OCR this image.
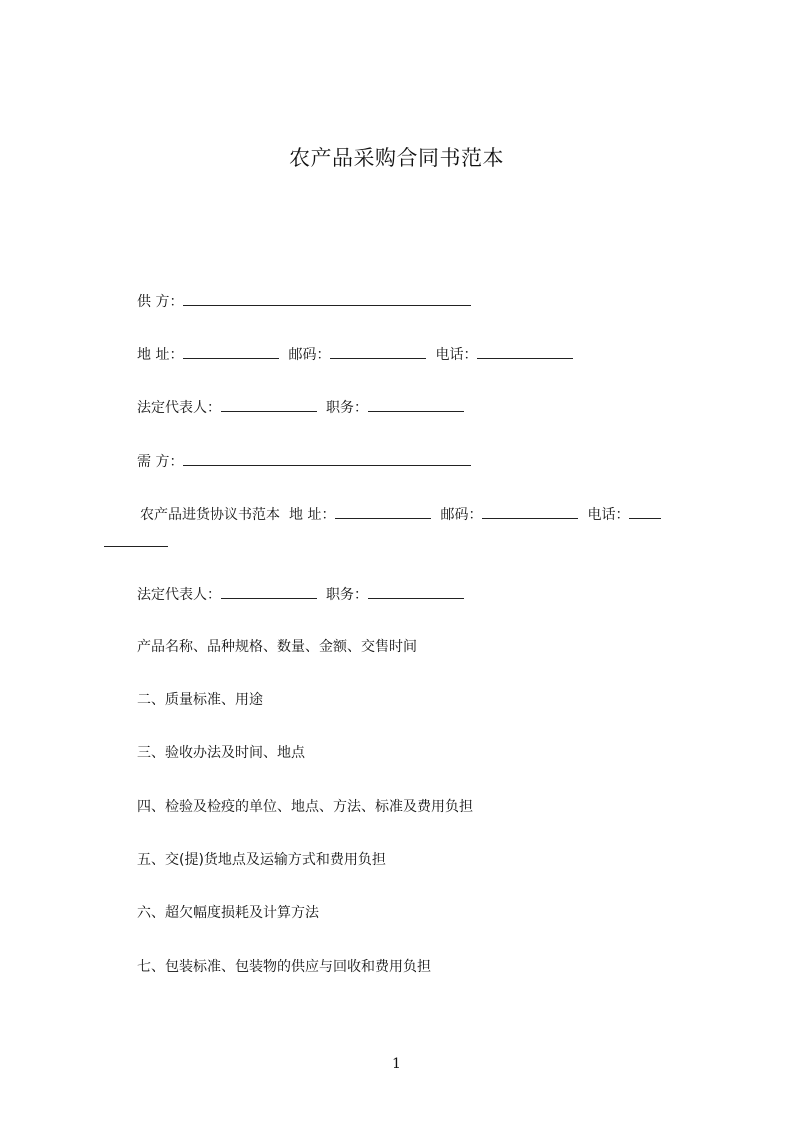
农产品采购合同书范本
供 方：
地 址：	邮码：	电话：
法定代表人：	职务：
需 方：
农产品进货协议书范本 地 址：	邮码：	电话：
法定代表人：	职务：
产品名称、品种规格、数量、金额、交售时间
二、质量标准、用途
三、验收办法及时间、地点
四、检验及检疫的单位、地点、方法、标准及费用负担
五、交(提)货地点及运输方式和费用负担
六、超欠幅度损耗及计算方法
七、包装标准、包装物的供应与回收和费用负担
1
